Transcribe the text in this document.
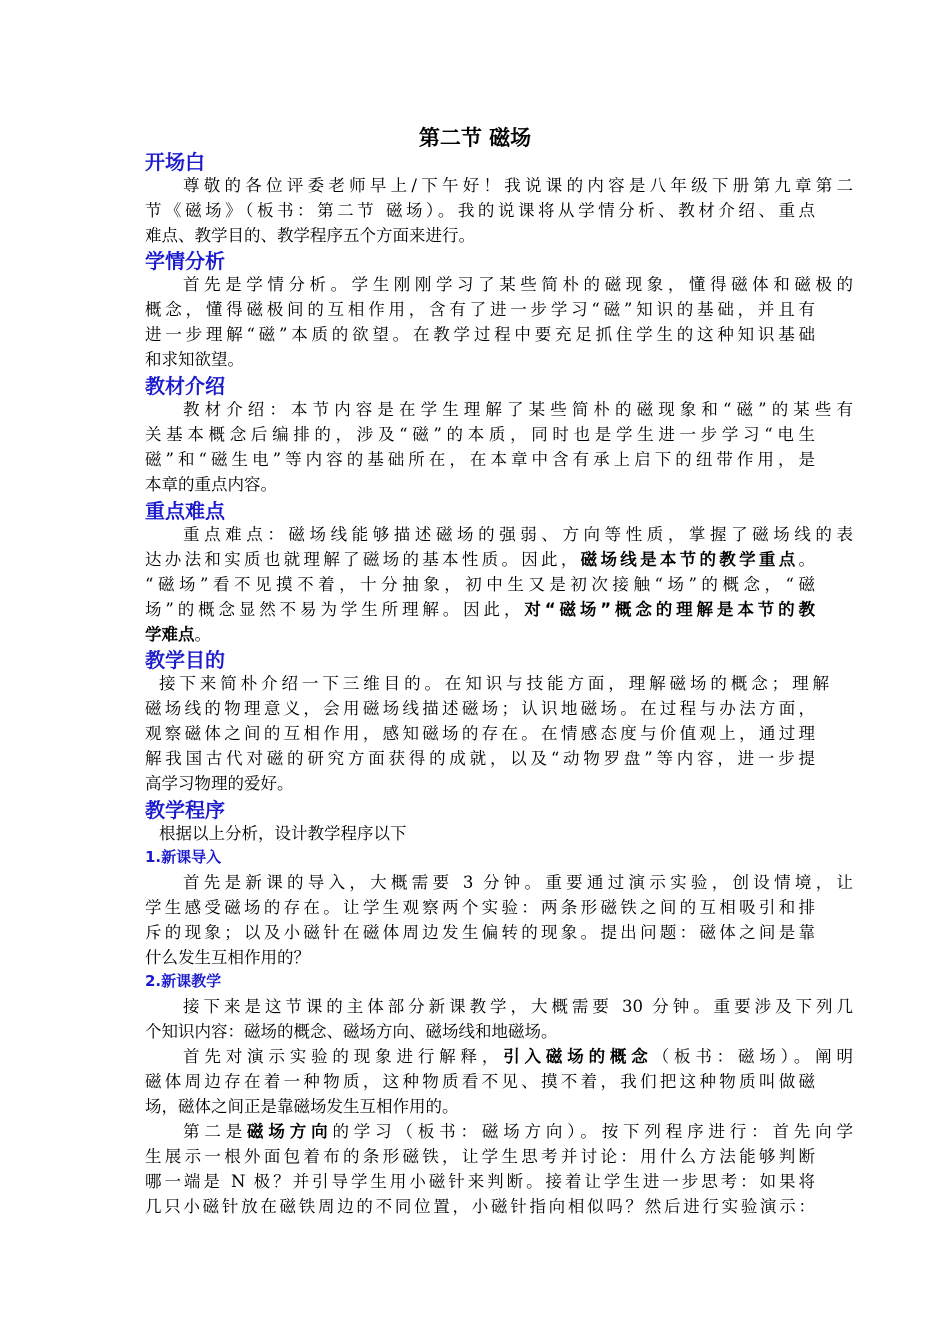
第二节 磁场
开场白
尊敬的各位评委老师早上/下午好！我说课的内容是八年级下册第九章第二
节《磁场》（板书：第二节 磁场）。我的说课将从学情分析、教材介绍、重点
难点、教学目的、教学程序五个方面来进行。
学情分析
首先是学情分析。学生刚刚学习了某些简朴的磁现象，懂得磁体和磁极的
概念，懂得磁极间的互相作用，含有了进一步学习“磁”知识的基础，并且有
进一步理解“磁”本质的欲望。在教学过程中要充足抓住学生的这种知识基础
和求知欲望。
教材介绍
教材介绍：本节内容是在学生理解了某些简朴的磁现象和“磁”的某些有
关基本概念后编排的，涉及“磁”的本质，同时也是学生进一步学习“电生
磁”和“磁生电”等内容的基础所在，在本章中含有承上启下的纽带作用，是
本章的重点内容。
重点难点
重点难点：磁场线能够描述磁场的强弱、方向等性质，掌握了磁场线的表
达办法和实质也就理解了磁场的基本性质。因此，磁场线是本节的教学重点。
“磁场”看不见摸不着，十分抽象，初中生又是初次接触“场”的概念，“磁
场”的概念显然不易为学生所理解。因此，对“磁场”概念的理解是本节的教
学难点。
教学目的
接下来简朴介绍一下三维目的。在知识与技能方面，理解磁场的概念；理解
磁场线的物理意义，会用磁场线描述磁场；认识地磁场。在过程与办法方面，
观察磁体之间的互相作用，感知磁场的存在。在情感态度与价值观上，通过理
解我国古代对磁的研究方面获得的成就，以及“动物罗盘”等内容，进一步提
高学习物理的爱好。
教学程序
根据以上分析，设计教学程序以下
1.新课导入
首先是新课的导入，大概需要 3 分钟。重要通过演示实验，创设情境，让
学生感受磁场的存在。让学生观察两个实验：两条形磁铁之间的互相吸引和排
斥的现象；以及小磁针在磁体周边发生偏转的现象。提出问题：磁体之间是靠
什么发生互相作用的？
2.新课教学
接下来是这节课的主体部分新课教学，大概需要 30 分钟。重要涉及下列几
个知识内容：磁场的概念、磁场方向、磁场线和地磁场。
首先对演示实验的现象进行解释，引入磁场的概念（板书：磁场）。阐明
磁体周边存在着一种物质，这种物质看不见、摸不着，我们把这种物质叫做磁
场，磁体之间正是靠磁场发生互相作用的。
第二是磁场方向的学习（板书：磁场方向）。按下列程序进行：首先向学
生展示一根外面包着布的条形磁铁，让学生思考并讨论：用什么方法能够判断
哪一端是 N 极？并引导学生用小磁针来判断。接着让学生进一步思考：如果将
几只小磁针放在磁铁周边的不同位置，小磁针指向相似吗？然后进行实验演示：
